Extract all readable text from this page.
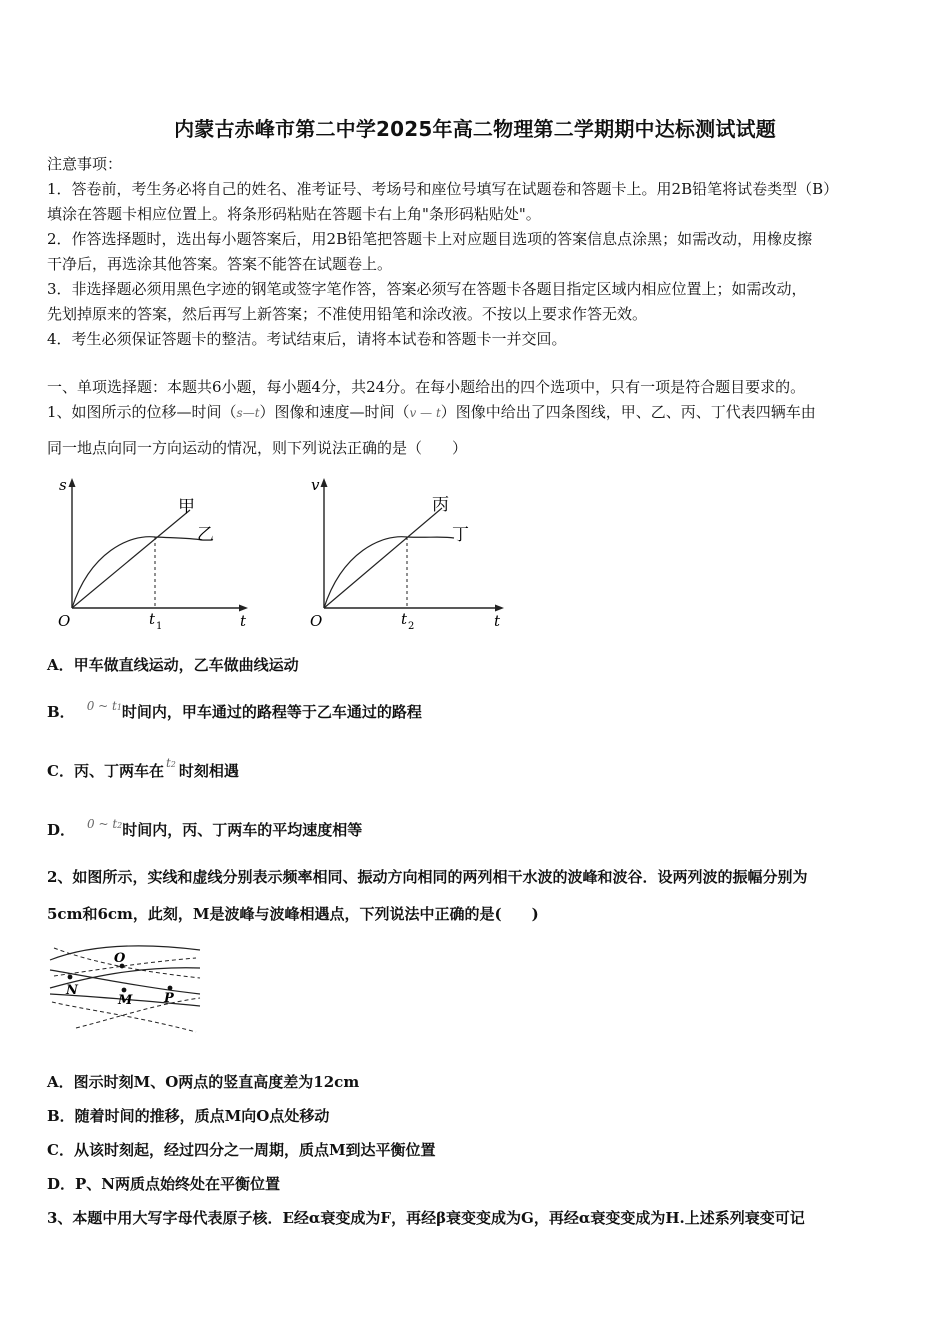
内蒙古赤峰市第二中学2025年高二物理第二学期期中达标测试试题
注意事项：
1．答卷前，考生务必将自己的姓名、准考证号、考场号和座位号填写在试题卷和答题卡上。用2B铅笔将试卷类型（B）
填涂在答题卡相应位置上。将条形码粘贴在答题卡右上角"条形码粘贴处"。
2．作答选择题时，选出每小题答案后，用2B铅笔把答题卡上对应题目选项的答案信息点涂黑；如需改动，用橡皮擦
干净后，再选涂其他答案。答案不能答在试题卷上。
3．非选择题必须用黑色字迹的钢笔或签字笔作答，答案必须写在答题卡各题目指定区域内相应位置上；如需改动，
先划掉原来的答案，然后再写上新答案；不准使用铅笔和涂改液。不按以上要求作答无效。
4．考生必须保证答题卡的整洁。考试结束后，请将本试卷和答题卡一并交回。
一、单项选择题：本题共6小题，每小题4分，共24分。在每小题给出的四个选项中，只有一项是符合题目要求的。
1、如图所示的位移—时间（s—t）图像和速度—时间（v — t）图像中给出了四条图线，甲、乙、丙、丁代表四辆车由
同一地点向同一方向运动的情况，则下列说法正确的是（　　）
s
t
O	t 1
甲
乙
v
t
O	t 2
丙
丁
A．甲车做直线运动，乙车做曲线运动
B． 0 ~ t1时间内，甲车通过的路程等于乙车通过的路程
C．丙、丁两车在 t2 时刻相遇
D． 0 ~ t2时间内，丙、丁两车的平均速度相等
2、如图所示，实线和虚线分别表示频率相同、振动方向相同的两列相干水波的波峰和波谷．设两列波的振幅分别为
5cm和6cm，此刻，M是波峰与波峰相遇点，下列说法中正确的是(　　)
O
N
M P
A．图示时刻M、O两点的竖直高度差为12cm
B．随着时间的推移，质点M向O点处移动
C．从该时刻起，经过四分之一周期，质点M到达平衡位置
D．P、N两质点始终处在平衡位置
3、本题中用大写字母代表原子核．E经α衰变成为F，再经β衰变变成为G，再经α衰变变成为H.上述系列衰变可记
